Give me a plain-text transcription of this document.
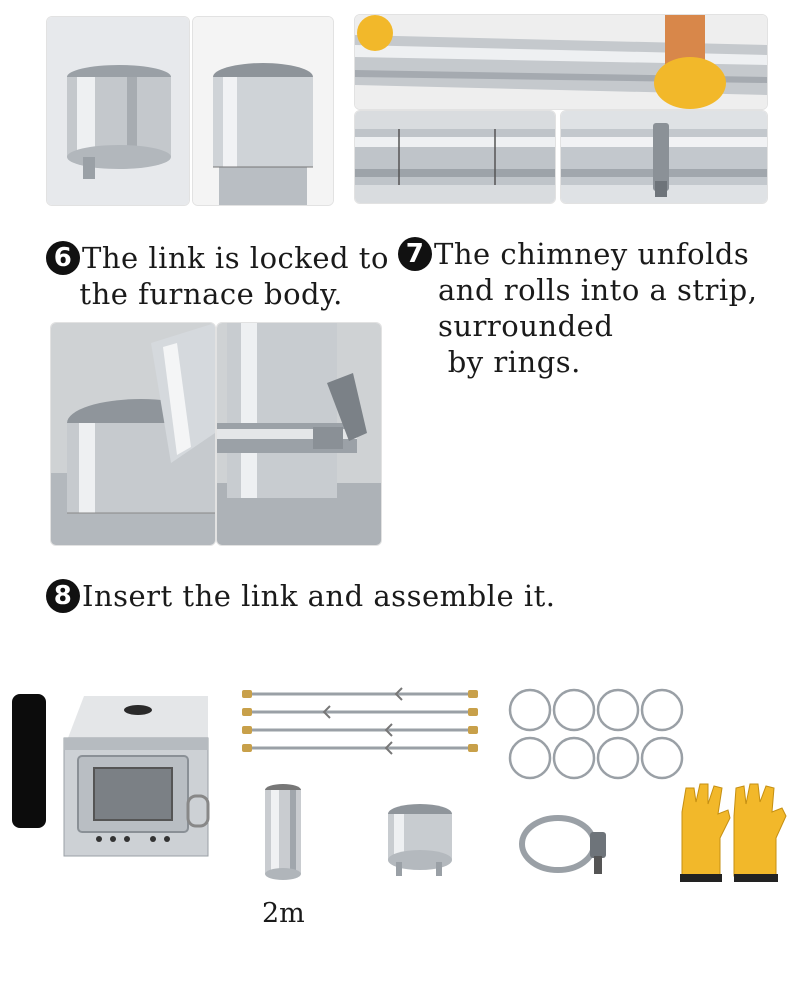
6 The link is locked to
the furnace body.
7 The chimney unfolds
and rolls into a strip,
surrounded
by rings.
8 Insert the link and assemble it.
2m
